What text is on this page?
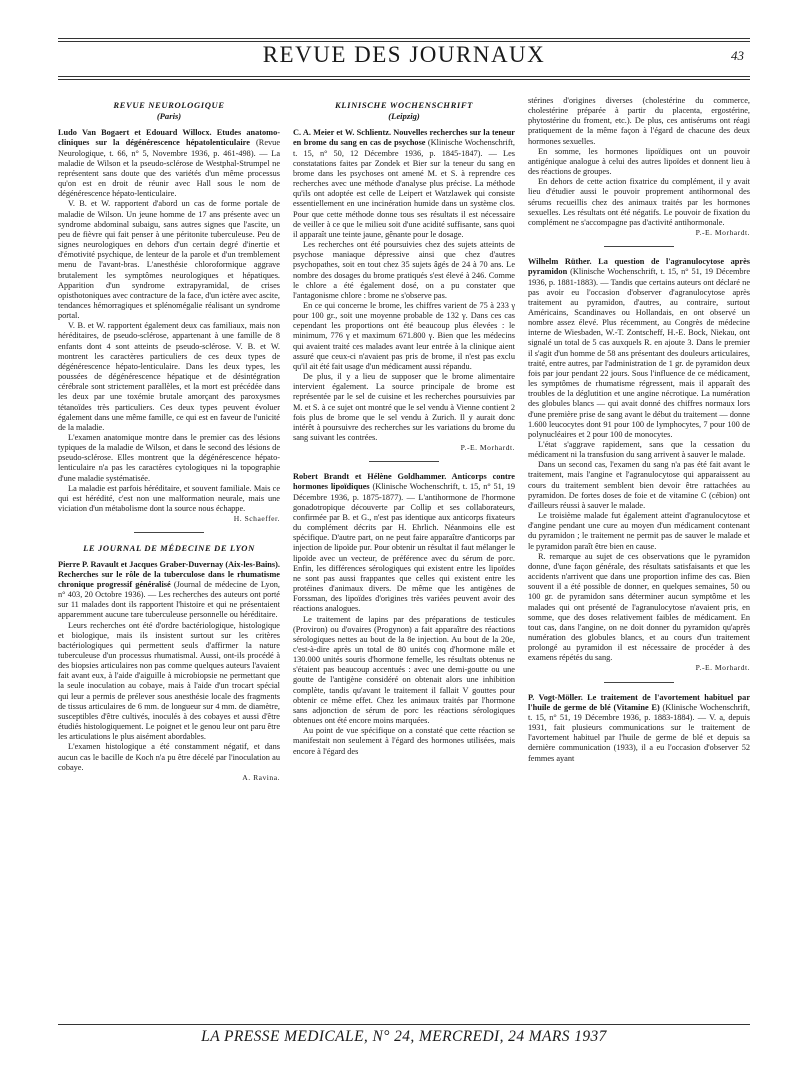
REVUE DES JOURNAUX	43
REVUE NEUROLOGIQUE
(Paris)

Ludo Van Bogaert et Edouard Willocx. Etudes anatomo-cliniques sur la dégénérescence hépatolenticulaire (Revue Neurologique, t. 66, n° 5, Novembre 1936, p. 461-498). — La maladie de Wilson et la pseudo-sclérose de Westphal-Strumpel ne représentent sans doute que des variétés d'un même processus qu'on est en droit de réunir avec Hall sous le nom de dégénérescence hépato-lenticulaire.

V. B. et W. rapportent d'abord un cas de forme portale de maladie de Wilson. Un jeune homme de 17 ans présente avec un syndrome abdominal subaigu, sans autres signes que l'ascite, un peu de fièvre qui fait penser à une péritonite tuberculeuse. Peu de signes neurologiques en dehors d'un certain degré d'inertie et d'émotivité psychique, de lenteur de la parole et d'un tremblement menu de l'avant-bras. L'anesthésie chloroformique aggrave brutalement les symptômes neurologiques et hépatiques. Apparition d'un syndrome extrapyramidal, de crises opisthotoniques avec contracture de la face, d'un ictère avec ascite, tendances hémorragiques et splénomégalie réalisant un syndrome portal.

V. B. et W. rapportent également deux cas familiaux, mais non héréditaires, de pseudo-sclérose, appartenant à une famille de 8 enfants dont 4 sont atteints de pseudo-sclérose. V. B. et W. montrent les caractères particuliers de ces deux types de dégénérescence hépato-lenticulaire. Dans les deux types, les poussées de dégénérescence hépatique et de désintégration cérébrale sont strictement parallèles, et la mort est précédée dans les deux par une toxémie brutale amorçant des paroxysmes tétanoïdes très particuliers. Ces deux types peuvent évoluer également dans une même famille, ce qui est en faveur de l'unicité de la maladie.

L'examen anatomique montre dans le premier cas des lésions typiques de la maladie de Wilson, et dans le second des lésions de pseudo-sclérose. Elles montrent que la dégénérescence hépato-lenticulaire n'a pas les caractères cytologiques ni la topographie d'une maladie systématisée.

La maladie est parfois héréditaire, et souvent familiale. Mais ce qui est hérédité, c'est non une malformation neurale, mais une viciation d'un métabolisme dont la source nous échappe.

H. Schaeffer.

LE JOURNAL DE MÉDECINE DE LYON

Pierre P. Ravault et Jacques Graber-Duvernay (Aix-les-Bains). Recherches sur le rôle de la tuberculose dans le rhumatisme chronique progressif généralisé (Journal de médecine de Lyon, n° 403, 20 Octobre 1936). — Les recherches des auteurs ont porté sur 11 malades dont ils rapportent l'histoire et qui ne présentaient apparemment aucune tare tuberculeuse personnelle ou héréditaire.

Leurs recherches ont été d'ordre bactériologique, histologique et biologique, mais ils insistent surtout sur les critères bactériologiques qui permettent seuls d'affirmer la nature tuberculeuse d'un processus rhumatismal. Aussi, ont-ils procédé à des biopsies articulaires non pas comme quelques auteurs l'avaient fait avant eux, à l'aide d'aiguille à microbiopsie ne permettant que la seule inoculation au cobaye, mais à l'aide d'un trocart spécial qui leur a permis de prélever sous anesthésie locale des fragments de tissus articulaires de 6 mm. de longueur sur 4 mm. de diamètre, susceptibles d'être cultivés, inoculés à des cobayes et aussi d'être étudiés histologiquement. Le poignet et le genou leur ont paru être les articulations le plus aisément abordables.

L'examen histologique a été constamment négatif, et dans aucun cas le bacille de Koch n'a pu être décelé par l'inoculation au cobaye.

A. Ravina.

KLINISCHE WOCHENSCHRIFT
(Leipzig)

C. A. Meier et W. Schlientz. Nouvelles recherches sur la teneur en brome du sang en cas de psychose (Klinische Wochenschrift, t. 15, n° 50, 12 Décembre 1936, p. 1845-1847). — Les constatations faites par Zondek et Bier sur la teneur du sang en brome dans les psychoses ont amené M. et S. à reprendre ces recherches avec une méthode d'analyse plus précise. La méthode qu'ils ont adoptée est celle de Leipert et Watzlawek qui consiste essentiellement en une incinération humide dans un système clos. Pour que cette méthode donne tous ses résultats il est nécessaire de veiller à ce que le milieu soit d'une acidité suffisante, sans quoi il apparaît une teinte jaune, gênante pour le dosage.

Les recherches ont été poursuivies chez des sujets atteints de psychose maniaque dépressive ainsi que chez d'autres psychopathes, soit en tout chez 35 sujets âgés de 24 à 70 ans. Le nombre des dosages du brome pratiqués s'est élevé à 246. Comme le chlore a été également dosé, on a pu constater que l'antagonisme chlore : brome ne s'observe pas.

En ce qui concerne le brome, les chiffres varient de 75 à 233 γ pour 100 gr., soit une moyenne probable de 132 γ. Dans ces cas cependant les proportions ont été beaucoup plus élevées : le minimum, 776 γ et maximum 671.800 γ. Bien que les médecins qui avaient traité ces malades avant leur entrée à la clinique aient assuré que ceux-ci n'avaient pas pris de brome, il n'est pas exclu qu'il ait été fait usage d'un médicament aussi répandu.

De plus, il y a lieu de supposer que le brome alimentaire intervient également. La source principale de brome est représentée par le sel de cuisine et les recherches poursuivies par M. et S. à ce sujet ont montré que le sel vendu à Vienne contient 2 fois plus de brome que le sel vendu à Zurich. Il y aurait donc intérêt à poursuivre des recherches sur les variations du brome du sang suivant les contrées.

P.-E. Morhardt.

Robert Brandt et Hélène Goldhammer. Anticorps contre hormones lipoïdiques (Klinische Wochenschrift, t. 15, n° 51, 19 Décembre 1936, p. 1875-1877). — L'antihormone de l'hormone gonadotropique découverte par Collip et ses collaborateurs, confirmée par B. et G., n'est pas identique aux anticorps fixateurs du complément décrits par H. Ehrlich. Néanmoins elle est spécifique. D'autre part, on ne peut faire apparaître d'anticorps par injection de lipoïde pur. Pour obtenir un résultat il faut mélanger le lipoïde avec un vecteur, de préférence avec du sérum de porc. Enfin, les différences sérologiques qui existent entre les lipoïdes ne sont pas aussi frappantes que celles qui existent entre les protéines d'animaux divers. De même que les antigènes de Forssman, des lipoïdes d'origines très variées peuvent avoir des réactions analogues.

Le traitement de lapins par des préparations de testicules (Proviron) ou d'ovaires (Progynon) a fait apparaître des réactions sérologiques nettes au bout de la 8e injection. Au bout de la 20e, c'est-à-dire après un total de 80 unités coq d'hormone mâle et 130.000 unités souris d'hormone femelle, les résultats obtenus ne s'étaient pas beaucoup accentués : avec une demi-goutte ou une goutte de l'antigène considéré on obtenait alors une inhibition complète, tandis qu'avant le traitement il fallait V gouttes pour obtenir ce même effet. Chez les animaux traités par l'hormone sans adjonction de sérum de porc les réactions sérologiques obtenues ont été encore moins marquées.

Au point de vue spécifique on a constaté que cette réaction se manifestait non seulement à l'égard des hormones utilisées, mais encore à l'égard des

stérines d'origines diverses (cholestérine du commerce, cholestérine préparée à partir du placenta, ergostérine, phytostérine du froment, etc.). De plus, ces antisérums ont réagi pratiquement de la même façon à l'égard de chacune des deux hormones sexuelles.

En somme, les hormones lipoïdiques ont un pouvoir antigénique analogue à celui des autres lipoïdes et donnent lieu à des réactions de groupes.

En dehors de cette action fixatrice du complément, il y avait lieu d'étudier aussi le pouvoir proprement antihormonal des sérums recueillis chez des animaux traités par les hormones sexuelles. Les résultats ont été négatifs. Le pouvoir de fixation du complément ne s'accompagne pas d'activité antihormonale.

P.-E. Morhardt.

Wilhelm Rüther. La question de l'agranulocytose après pyramidon (Klinische Wochenschrift, t. 15, n° 51, 19 Décembre 1936, p. 1881-1883). — Tandis que certains auteurs ont déclaré ne pas avoir eu l'occasion d'observer d'agranulocytose après traitement au pyramidon, d'autres, au contraire, surtout Américains, Scandinaves ou Hollandais, en ont observé un nombre assez élevé. Plus récemment, au Congrès de médecine interne de Wiesbaden, W.-T. Zontscheff, H.-E. Bock, Niekau, ont signalé un total de 5 cas auxquels R. en ajoute 3. Dans le premier il s'agit d'un homme de 58 ans présentant des douleurs articulaires, traité, entre autres, par l'administration de 1 gr. de pyramidon deux fois par jour pendant 22 jours. Sous l'influence de ce médicament, les symptômes de rhumatisme régressent, mais il apparaît des troubles de la déglutition et une angine nécrotique. La numération des globules blancs — qui avait donné des chiffres normaux lors d'une première prise de sang avant le début du traitement — donne 1.600 leucocytes dont 91 pour 100 de lymphocytes, 7 pour 100 de polynucléaires et 2 pour 100 de monocytes.

L'état s'aggrave rapidement, sans que la cessation du médicament ni la transfusion du sang arrivent à sauver le malade.

Dans un second cas, l'examen du sang n'a pas été fait avant le traitement, mais l'angine et l'agranulocytose qui apparaissent au cours du traitement semblent bien devoir être rattachées au pyramidon. De fortes doses de foie et de vitamine C (cébion) ont d'ailleurs réussi à sauver le malade.

Le troisième malade fut également atteint d'agranulocytose et d'angine pendant une cure au moyen d'un médicament contenant du pyramidon ; le traitement ne permit pas de sauver le malade et le pyramidon paraît être bien en cause.

R. remarque au sujet de ces observations que le pyramidon donne, d'une façon générale, des résultats satisfaisants et que les accidents n'arrivent que dans une proportion infime des cas. Bien souvent il a été possible de donner, en quelques semaines, 50 ou 100 gr. de pyramidon sans déterminer aucun symptôme et les malades qui ont présenté de l'agranulocytose n'avaient pris, en somme, que des doses relativement faibles de médicament. En tout cas, dans l'angine, on ne doit donner du pyramidon qu'après numération des globules blancs, et au cours d'un traitement prolongé au pyramidon il est nécessaire de procéder à des examens répétés du sang.

P.-E. Morhardt.

P. Vogt-Möller. Le traitement de l'avortement habituel par l'huile de germe de blé (Vitamine E) (Klinische Wochenschrift, t. 15, n° 51, 19 Décembre 1936, p. 1883-1884). — V. a, depuis 1931, fait plusieurs communications sur le traitement de l'avortement habituel par l'huile de germe de blé et depuis sa dernière communication (1933), il a eu l'occasion d'observer 52 femmes ayant

LA PRESSE MEDICALE, N° 24, MERCREDI, 24 MARS 1937
